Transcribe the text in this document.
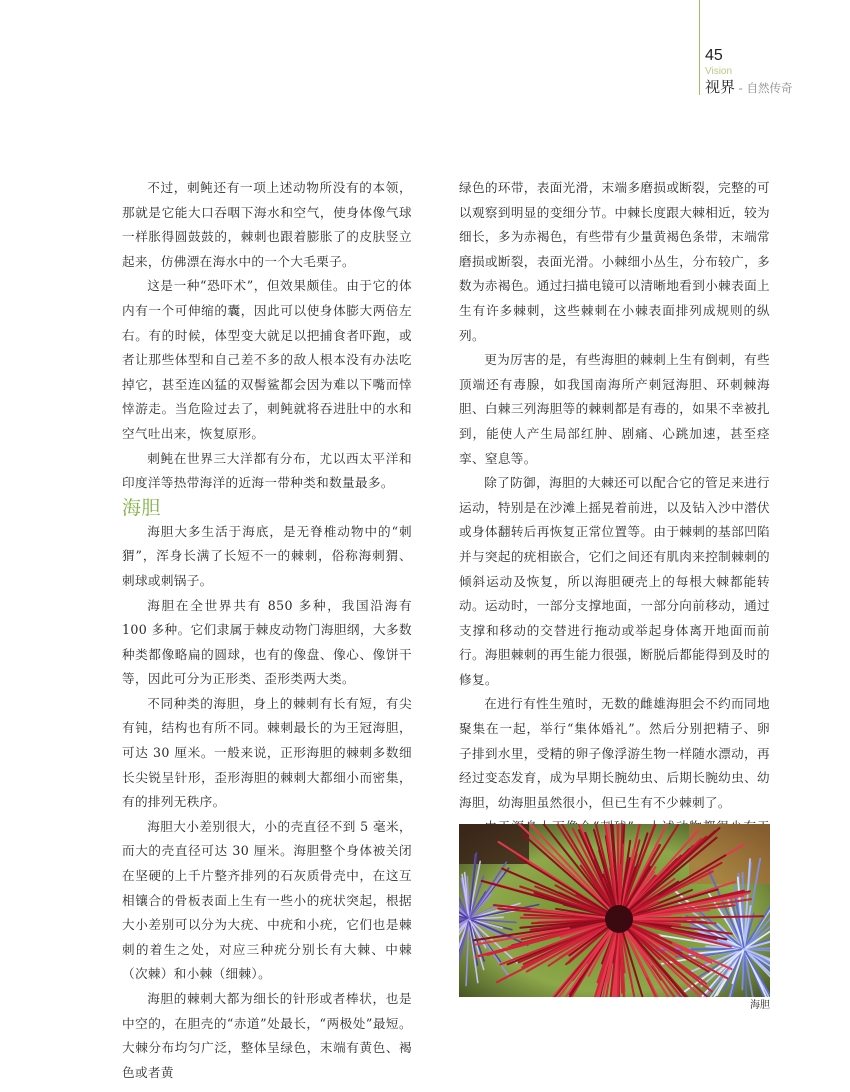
45
Vision
视界 - 自然传奇

不过，刺鲀还有一项上述动物所没有的本领，那就是它能大口吞咽下海水和空气，使身体像气球一样胀得圆鼓鼓的，棘刺也跟着膨胀了的皮肤竖立起来，仿佛漂在海水中的一个大毛栗子。

这是一种“恐吓术”，但效果颇佳。由于它的体内有一个可伸缩的囊，因此可以使身体膨大两倍左右。有的时候，体型变大就足以把捕食者吓跑，或者让那些体型和自己差不多的敌人根本没有办法吃掉它，甚至连凶猛的双髻鲨都会因为难以下嘴而悻悻游走。当危险过去了，刺鲀就将吞进肚中的水和空气吐出来，恢复原形。

刺鲀在世界三大洋都有分布，尤以西太平洋和印度洋等热带海洋的近海一带种类和数量最多。

海胆

海胆大多生活于海底，是无脊椎动物中的“刺猬”，浑身长满了长短不一的棘刺，俗称海刺猬、刺球或刺锅子。

海胆在全世界共有 850 多种，我国沿海有 100 多种。它们隶属于棘皮动物门海胆纲，大多数种类都像略扁的圆球，也有的像盘、像心、像饼干等，因此可分为正形类、歪形类两大类。

不同种类的海胆，身上的棘刺有长有短，有尖有钝，结构也有所不同。棘刺最长的为王冠海胆，可达 30 厘米。一般来说，正形海胆的棘刺多数细长尖锐呈针形，歪形海胆的棘刺大都细小而密集，有的排列无秩序。

海胆大小差别很大，小的壳直径不到 5 毫米，而大的壳直径可达 30 厘米。海胆整个身体被关闭在坚硬的上千片整齐排列的石灰质骨壳中，在这互相镶合的骨板表面上生有一些小的疣状突起，根据大小差别可以分为大疣、中疣和小疣，它们也是棘刺的着生之处，对应三种疣分别长有大棘、中棘（次棘）和小棘（细棘）。

海胆的棘刺大都为细长的针形或者棒状，也是中空的，在胆壳的“赤道”处最长，“两极处”最短。大棘分布均匀广泛，整体呈绿色，末端有黄色、褐色或者黄

绿色的环带，表面光滑，末端多磨损或断裂，完整的可以观察到明显的变细分节。中棘长度跟大棘相近，较为细长，多为赤褐色，有些带有少量黄褐色条带，末端常磨损或断裂，表面光滑。小棘细小丛生，分布较广，多数为赤褐色。通过扫描电镜可以清晰地看到小棘表面上生有许多棘刺，这些棘刺在小棘表面排列成规则的纵列。

更为厉害的是，有些海胆的棘刺上生有倒刺，有些顶端还有毒腺，如我国南海所产刺冠海胆、环刺棘海胆、白棘三列海胆等的棘刺都是有毒的，如果不幸被扎到，能使人产生局部红肿、剧痛、心跳加速，甚至痉挛、窒息等。

除了防御，海胆的大棘还可以配合它的管足来进行运动，特别是在沙滩上摇晃着前进，以及钻入沙中潜伏或身体翻转后再恢复正常位置等。由于棘刺的基部凹陷并与突起的疣相嵌合，它们之间还有肌肉来控制棘刺的倾斜运动及恢复，所以海胆硬壳上的每根大棘都能转动。运动时，一部分支撑地面，一部分向前移动，通过支撑和移动的交替进行拖动或举起身体离开地面而前行。海胆棘刺的再生能力很强，断脱后都能得到及时的修复。

在进行有性生殖时，无数的雌雄海胆会不约而同地聚集在一起，举行“集体婚礼”。然后分别把精子、卵子排到水里，受精的卵子像浮游生物一样随水漂动，再经过变态发育，成为早期长腕幼虫、后期长腕幼虫、幼海胆，幼海胆虽然很小，但已生有不少棘刺了。

海胆
